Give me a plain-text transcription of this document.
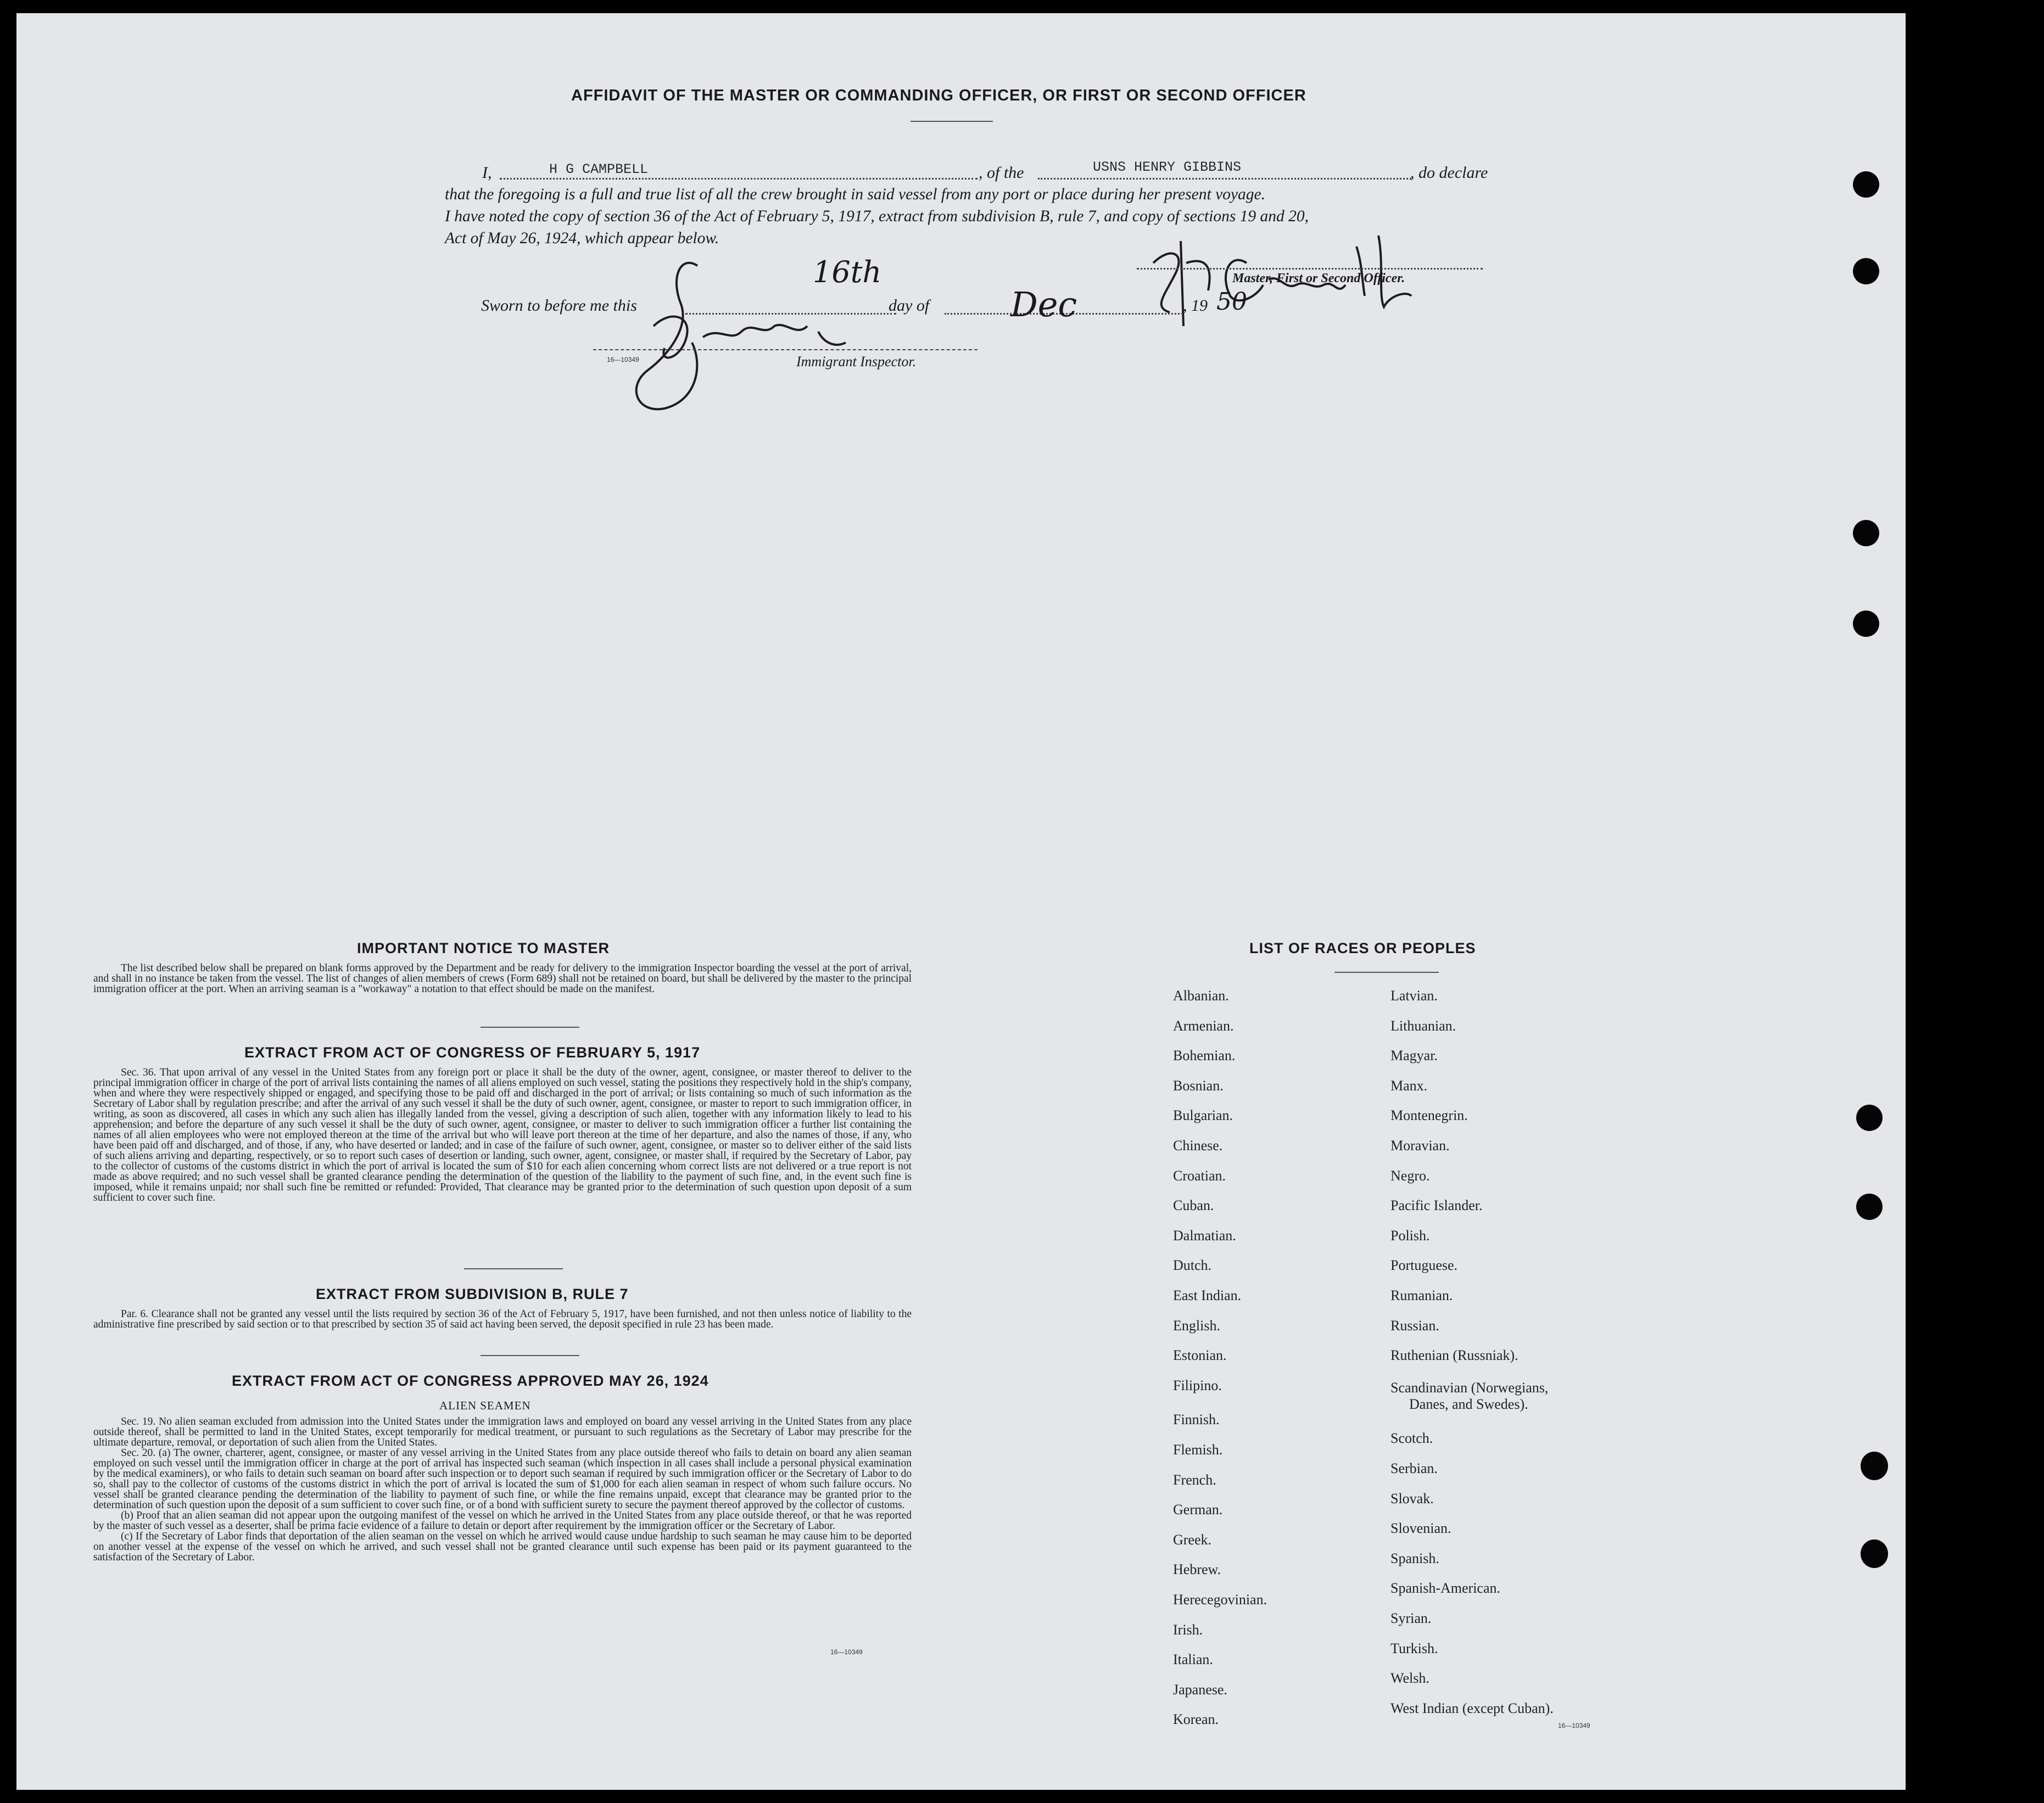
AFFIDAVIT OF THE MASTER OR COMMANDING OFFICER, OR FIRST OR SECOND OFFICER
I,	H G CAMPBELL	, of the	USNS HENRY GIBBINS	, do declare
that the foregoing is a full and true list of all the crew brought in said vessel from any port or place during her present voyage.
I have noted the copy of section 36 of the Act of February 5, 1917, extract from subdivision B, rule 7, and copy of sections 19 and 20,
Act of May 26, 1924, which appear below.
Master, First or Second Officer.
Sworn to before me this
16th
day of Dec	, 19 50
16—10349	Immigrant Inspector.
IMPORTANT NOTICE TO MASTER

The list described below shall be prepared on blank forms approved by the Department and be ready for delivery to the immigration Inspector boarding the vessel at the port of arrival, and shall in no instance be taken from the vessel. The list of changes of alien members of crews (Form 689) shall not be retained on board, but shall be delivered by the master to the principal immigration officer at the port. When an arriving seaman is a "workaway" a notation to that effect should be made on the manifest.

EXTRACT FROM ACT OF CONGRESS OF FEBRUARY 5, 1917

Sec. 36. That upon arrival of any vessel in the United States from any foreign port or place it shall be the duty of the owner, agent, consignee, or master thereof to deliver to the principal immigration officer in charge of the port of arrival lists containing the names of all aliens employed on such vessel, stating the positions they respectively hold in the ship's company, when and where they were respectively shipped or engaged, and specifying those to be paid off and discharged in the port of arrival; or lists containing so much of such information as the Secretary of Labor shall by regulation prescribe; and after the arrival of any such vessel it shall be the duty of such owner, agent, consignee, or master to report to such immigration officer, in writing, as soon as discovered, all cases in which any such alien has illegally landed from the vessel, giving a description of such alien, together with any information likely to lead to his apprehension; and before the departure of any such vessel it shall be the duty of such owner, agent, consignee, or master to deliver to such immigration officer a further list containing the names of all alien employees who were not employed thereon at the time of the arrival but who will leave port thereon at the time of her departure, and also the names of those, if any, who have been paid off and discharged, and of those, if any, who have deserted or landed; and in case of the failure of such owner, agent, consignee, or master so to deliver either of the said lists of such aliens arriving and departing, respectively, or so to report such cases of desertion or landing, such owner, agent, consignee, or master shall, if required by the Secretary of Labor, pay to the collector of customs of the customs district in which the port of arrival is located the sum of $10 for each alien concerning whom correct lists are not delivered or a true report is not made as above required; and no such vessel shall be granted clearance pending the determination of the question of the liability to the payment of such fine, and, in the event such fine is imposed, while it remains unpaid; nor shall such fine be remitted or refunded: Provided, That clearance may be granted prior to the determination of such question upon deposit of a sum sufficient to cover such fine.

EXTRACT FROM SUBDIVISION B, RULE 7

Par. 6. Clearance shall not be granted any vessel until the lists required by section 36 of the Act of February 5, 1917, have been furnished, and not then unless notice of liability to the administrative fine prescribed by said section or to that prescribed by section 35 of said act having been served, the deposit specified in rule 23 has been made.

EXTRACT FROM ACT OF CONGRESS APPROVED MAY 26, 1924
ALIEN SEAMEN

Sec. 19. No alien seaman excluded from admission into the United States under the immigration laws and employed on board any vessel arriving in the United States from any place outside thereof, shall be permitted to land in the United States, except temporarily for medical treatment, or pursuant to such regulations as the Secretary of Labor may prescribe for the ultimate departure, removal, or deportation of such alien from the United States.

Sec. 20. (a) The owner, charterer, agent, consignee, or master of any vessel arriving in the United States from any place outside thereof who fails to detain on board any alien seaman employed on such vessel until the immigration officer in charge at the port of arrival has inspected such seaman (which inspection in all cases shall include a personal physical examination by the medical examiners), or who fails to detain such seaman on board after such inspection or to deport such seaman if required by such immigration officer or the Secretary of Labor to do so, shall pay to the collector of customs of the customs district in which the port of arrival is located the sum of $1,000 for each alien seaman in respect of whom such failure occurs. No vessel shall be granted clearance pending the determination of the liability to payment of such fine, or while the fine remains unpaid, except that clearance may be granted prior to the determination of such question upon the deposit of a sum sufficient to cover such fine, or of a bond with sufficient surety to secure the payment thereof approved by the collector of customs.

(b) Proof that an alien seaman did not appear upon the outgoing manifest of the vessel on which he arrived in the United States from any place outside thereof, or that he was reported by the master of such vessel as a deserter, shall be prima facie evidence of a failure to detain or deport after requirement by the immigration officer or the Secretary of Labor.

(c) If the Secretary of Labor finds that deportation of the alien seaman on the vessel on which he arrived would cause undue hardship to such seaman he may cause him to be deported on another vessel at the expense of the vessel on which he arrived, and such vessel shall not be granted clearance until such expense has been paid or its payment guaranteed to the satisfaction of the Secretary of Labor.

16—10349
LIST OF RACES OR PEOPLES
Albanian.
Armenian.
Bohemian.
Bosnian.
Bulgarian.
Chinese.
Croatian.
Cuban.
Dalmatian.
Dutch.
East Indian.
English.
Estonian.
Filipino.
Finnish.
Flemish.
French.
German.
Greek.
Hebrew.
Herecegovinian.
Irish.
Italian.
Japanese.
Korean.
Latvian.
Lithuanian.
Magyar.
Manx.
Montenegrin.
Moravian.
Negro.
Pacific Islander.
Polish.
Portuguese.
Rumanian.
Russian.
Ruthenian (Russniak).
Scandinavian (Norwegians,
Danes, and Swedes).
Scotch.
Serbian.
Slovak.
Slovenian.
Spanish.
Spanish-American.
Syrian.
Turkish.
Welsh.
West Indian (except Cuban).
16—10349
